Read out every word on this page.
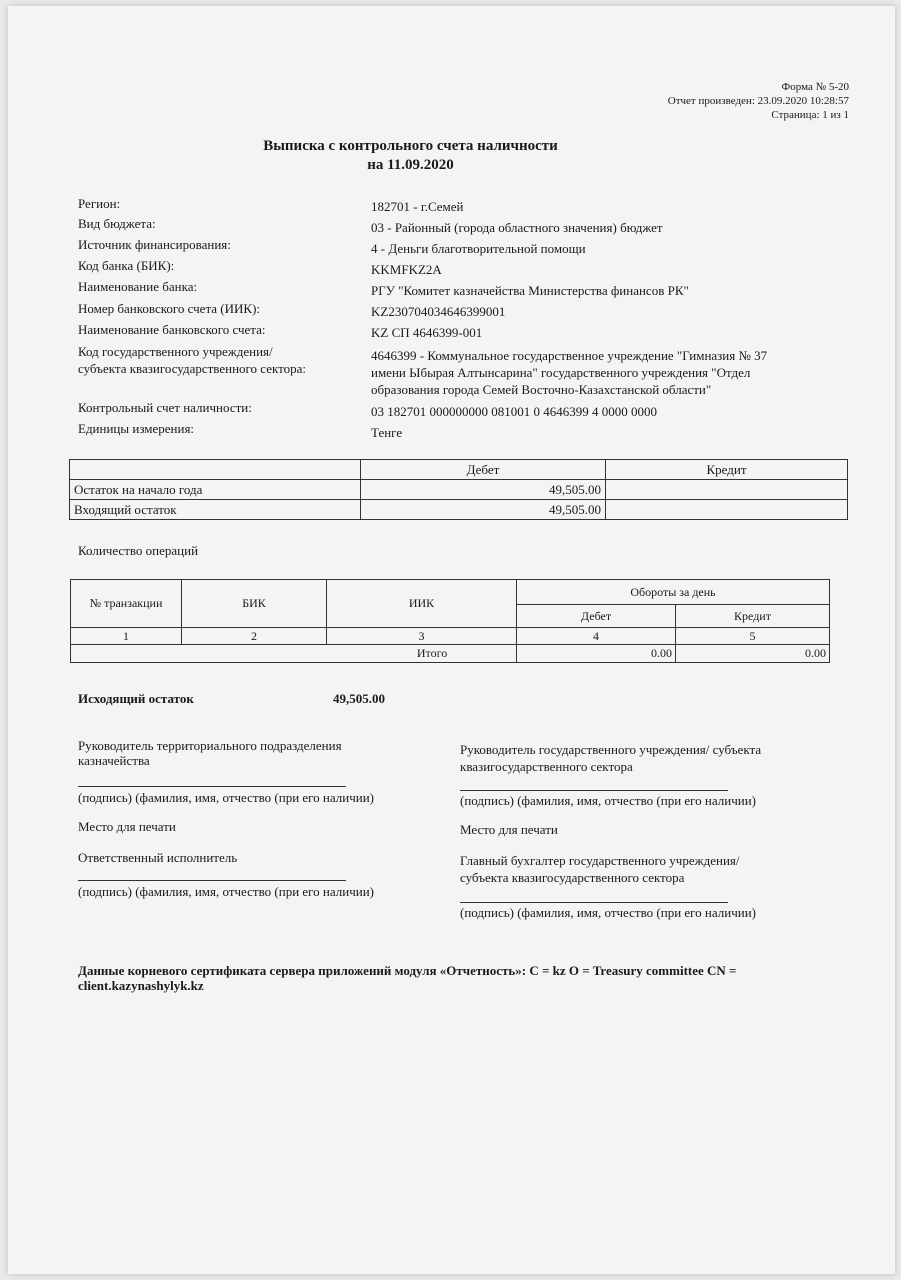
Форма № 5-20
Отчет произведен: 23.09.2020 10:28:57
Страница: 1 из 1
Выписка с контрольного счета наличности
на 11.09.2020
Регион:	182701 - г.Семей
Вид бюджета:	03 - Районный (города областного значения) бюджет
Источник финансирования:	4 - Деньги благотворительной помощи
Код банка (БИК):	KKMFKZ2A
Наименование банка:	РГУ "Комитет казначейства Министерства финансов РК"
Номер банковского счета (ИИК):	KZ230704034646399001
Наименование банковского счета:	KZ СП 4646399-001
Код государственного учреждения/
субъекта квазигосударственного сектора:
4646399 - Коммунальное государственное учреждение "Гимназия № 37
имени Ыбырая Алтынсарина" государственного учреждения "Отдел
образования города Семей Восточно-Казахстанской области"
Контрольный счет наличности:	03 182701 000000000 081001 0 4646399 4 0000 0000
Единицы измерения:	Тенге
	Дебет	Кредит
Остаток на начало года	49,505.00	
Входящий остаток	49,505.00	
Количество операций
№ транзакции	БИК	ИИК	Обороты за день	
			Дебет	Кредит
1	2	3	4	5
Итого			0.00	0.00
Исходящий остаток	49,505.00
Руководитель территориального подразделения
казначейства
(подпись) (фамилия, имя, отчество (при его наличии)
Место для печати
Ответственный исполнитель
(подпись) (фамилия, имя, отчество (при его наличии)
Руководитель государственного учреждения/ субъекта
квазигосударственного сектора
(подпись) (фамилия, имя, отчество (при его наличии)
Место для печати
Главный бухгалтер государственного учреждения/
субъекта квазигосударственного сектора
(подпись) (фамилия, имя, отчество (при его наличии)
Данные корневого сертификата сервера приложений модуля «Отчетность»: C = kz O = Treasury committee CN =
client.kazynashylyk.kz
